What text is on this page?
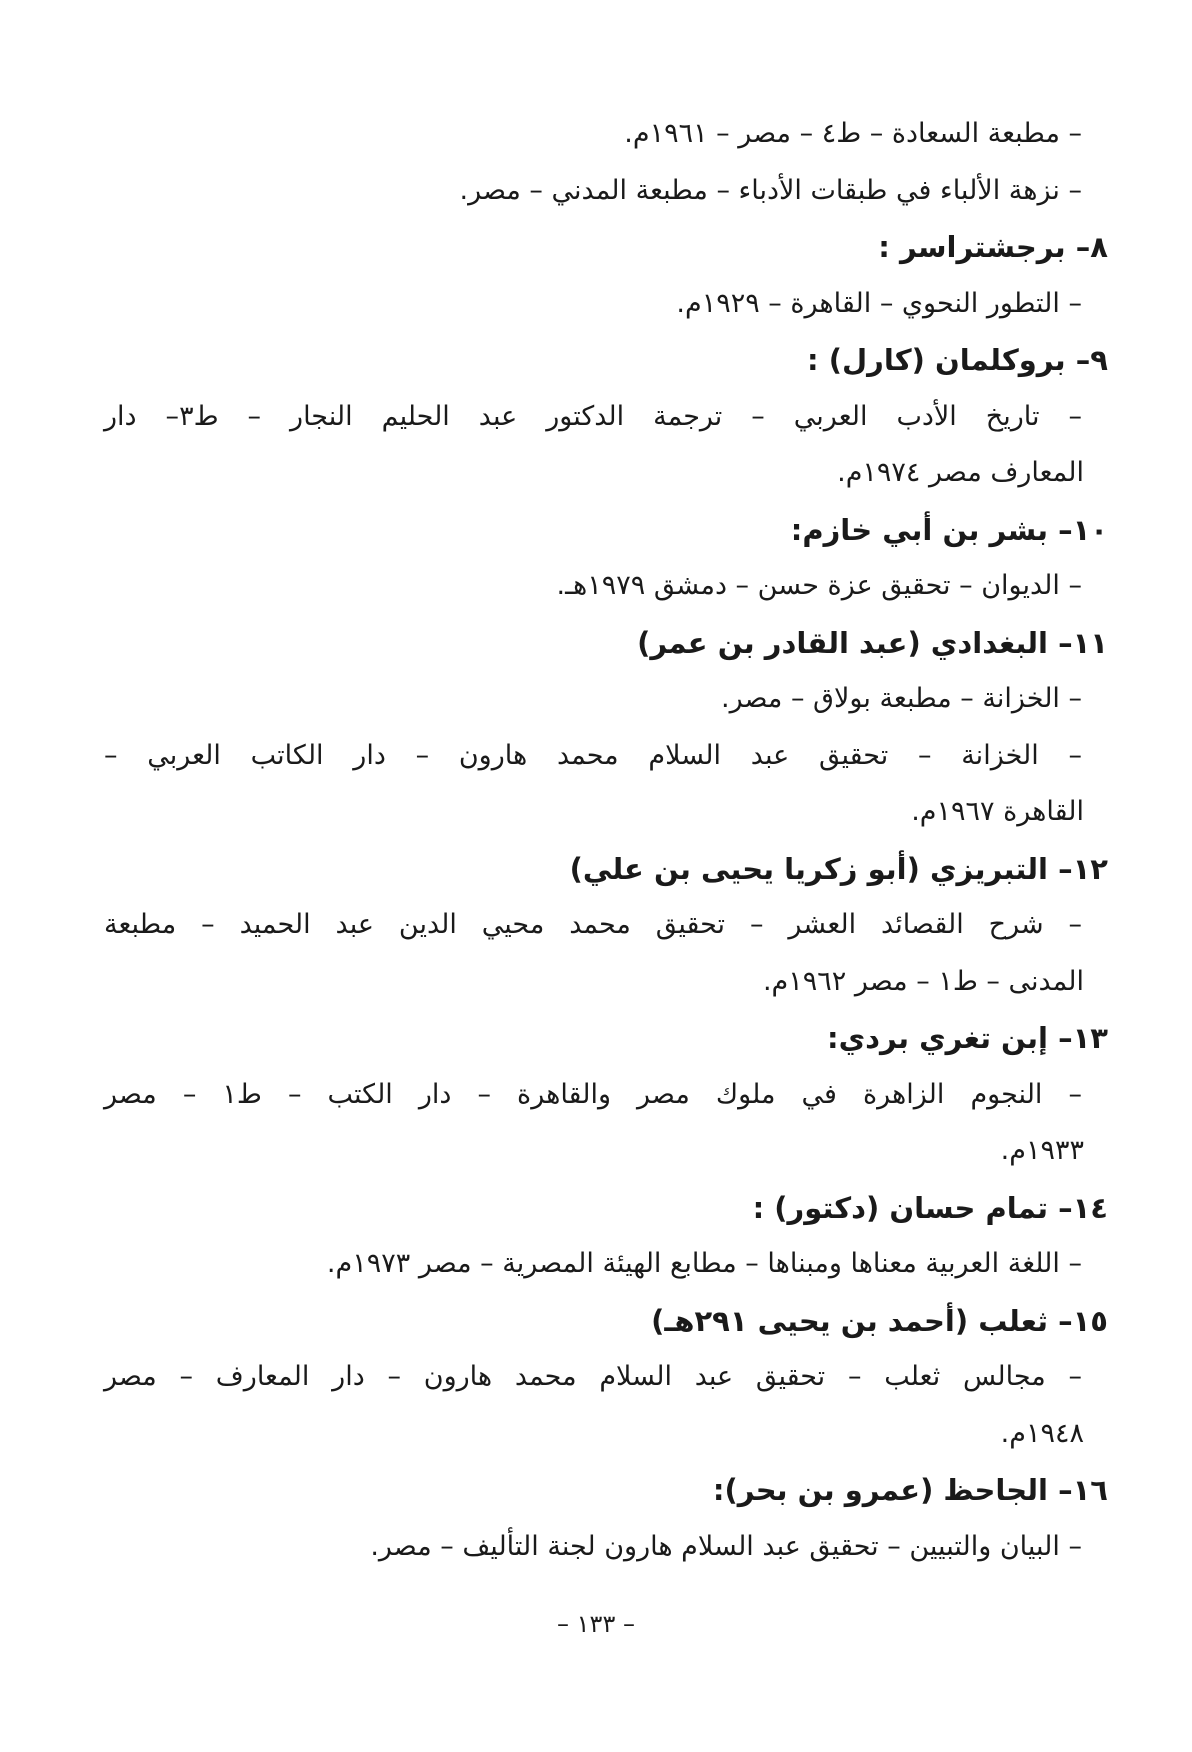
– مطبعة السعادة – ط٤ – مصر – ١٩٦١م.
– نزهة الألباء في طبقات الأدباء – مطبعة المدني – مصر.
٨– برجشتراسر :
– التطور النحوي – القاهرة – ١٩٢٩م.
٩– بروكلمان (كارل) :
– تاريخ الأدب العربي – ترجمة الدكتور عبد الحليم النجار – ط٣– دار
المعارف مصر ١٩٧٤م.
١٠– بشر بن أبي خازم:
– الديوان – تحقيق عزة حسن – دمشق ١٩٧٩هـ.
١١– البغدادي (عبد القادر بن عمر)
– الخزانة – مطبعة بولاق – مصر.
– الخزانة – تحقيق عبد السلام محمد هارون – دار الكاتب العربي –
القاهرة ١٩٦٧م.
١٢– التبريزي (أبو زكريا يحيى بن علي)
– شرح القصائد العشر – تحقيق محمد محيي الدين عبد الحميد – مطبعة
المدنى – ط١ – مصر ١٩٦٢م.
١٣– إبن تغري بردي:
– النجوم الزاهرة في ملوك مصر والقاهرة – دار الكتب – ط١ – مصر
١٩٣٣م.
١٤– تمام حسان (دكتور) :
– اللغة العربية معناها ومبناها – مطابع الهيئة المصرية – مصر ١٩٧٣م.
١٥– ثعلب (أحمد بن يحيى ٢٩١هـ)
– مجالس ثعلب – تحقيق عبد السلام محمد هارون – دار المعارف – مصر
١٩٤٨م.
١٦– الجاحظ (عمرو بن بحر):
– البيان والتبيين – تحقيق عبد السلام هارون لجنة التأليف – مصر.
– ١٣٣ –
